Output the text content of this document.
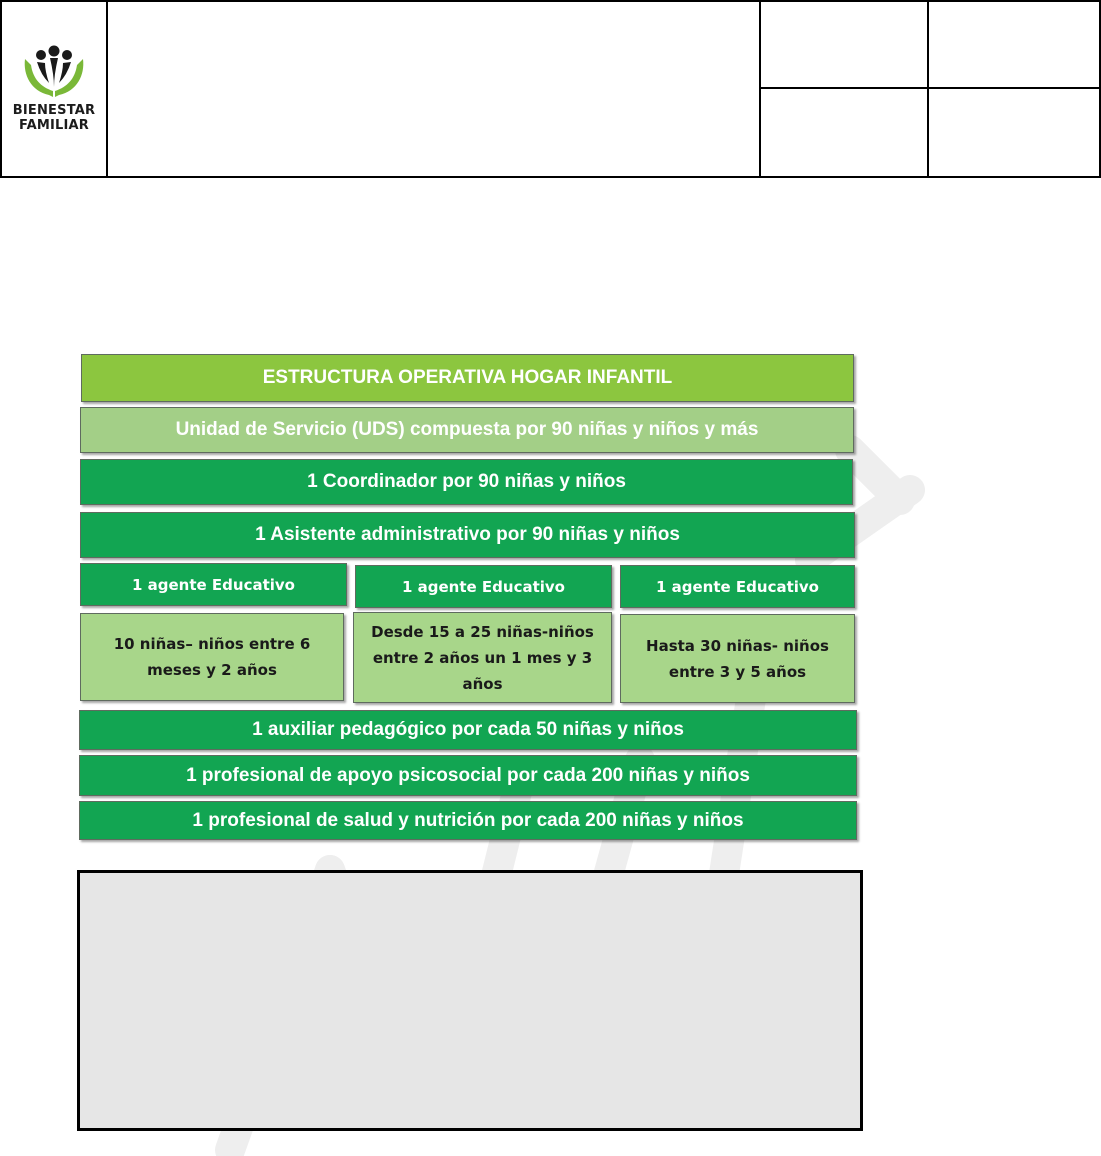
BIENESTAR
FAMILIAR
ESTRUCTURA OPERATIVA HOGAR INFANTIL
Unidad de Servicio (UDS) compuesta por 90 niñas y niños y más
1 Coordinador por 90 niñas y niños
1 Asistente administrativo por 90 niñas y niños
1 agente Educativo	1 agente Educativo	1 agente Educativo
10 niñas– niños entre 6 meses y 2 años
Desde 15 a 25 niñas-niños entre 2 años un 1 mes y 3 años
Hasta 30 niñas- niños entre 3 y 5 años
1 auxiliar pedagógico por cada 50 niñas y niños
1 profesional de apoyo psicosocial por cada 200 niñas y niños
1 profesional de salud y nutrición por cada 200 niñas y niños
